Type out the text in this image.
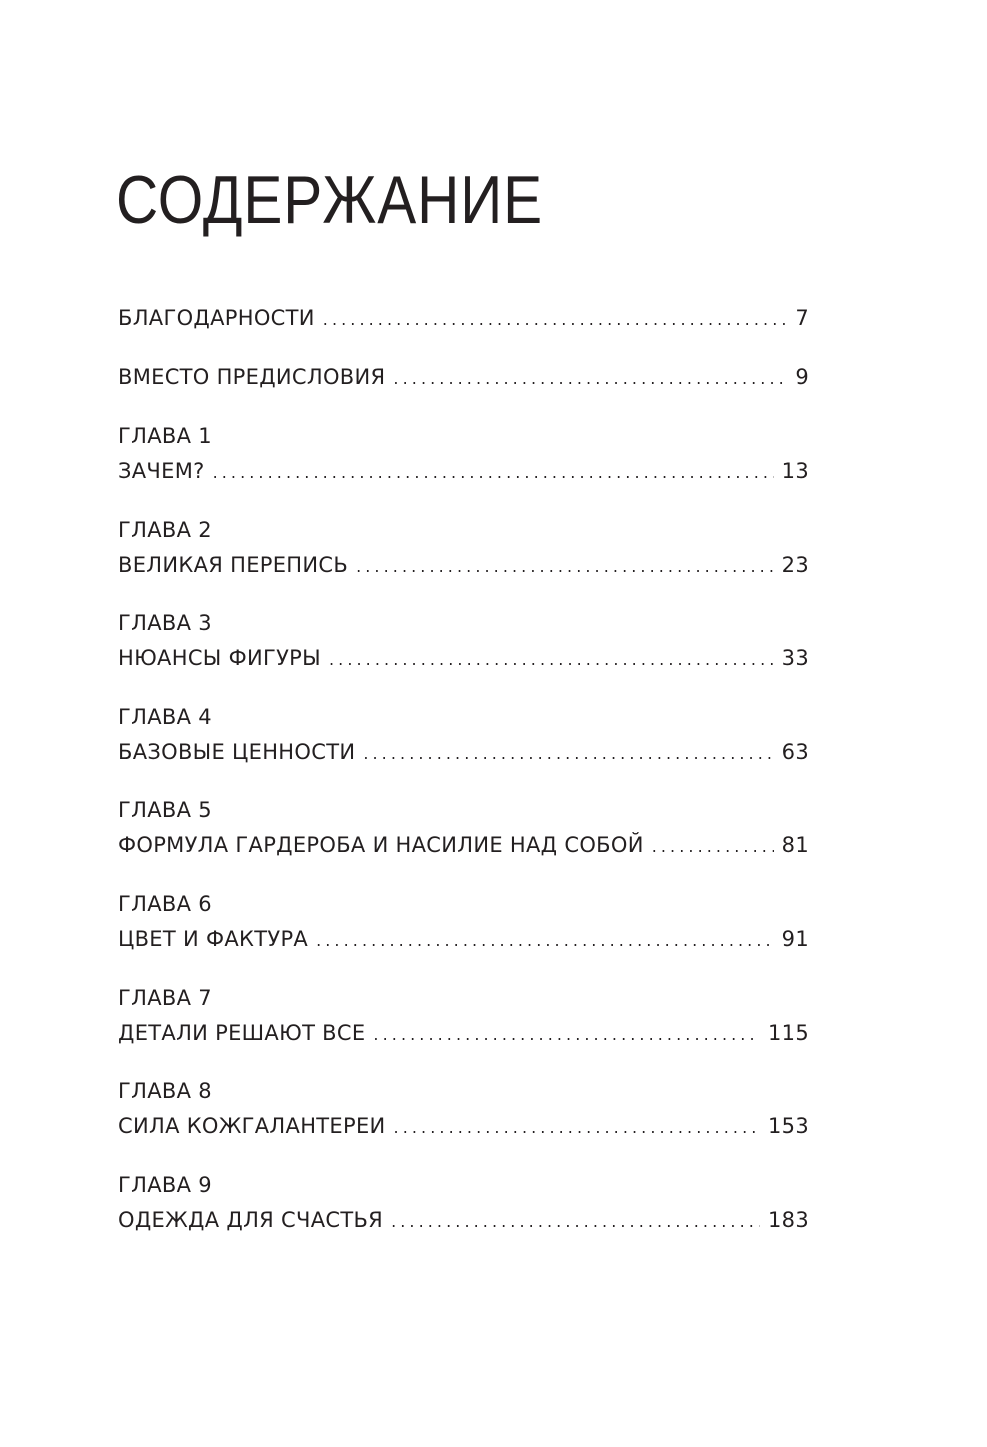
СОДЕРЖАНИЕ
БЛАГОДАРНОСТИ . . .	7
ВМЕСТО ПРЕДИСЛОВИЯ . . .	9
ГЛАВА 1
ЗАЧЕМ? . . .	13
ГЛАВА 2
ВЕЛИКАЯ ПЕРЕПИСЬ . . .	23
ГЛАВА 3
НЮАНСЫ ФИГУРЫ . . .	33
ГЛАВА 4
БАЗОВЫЕ ЦЕННОСТИ . . .	63
ГЛАВА 5
ФОРМУЛА ГАРДЕРОБА И НАСИЛИЕ НАД СОБОЙ . . .	81
ГЛАВА 6
ЦВЕТ И ФАКТУРА . . .	91
ГЛАВА 7
ДЕТАЛИ РЕШАЮТ ВСЕ . . .	115
ГЛАВА 8
СИЛА КОЖГАЛАНТЕРЕИ . . .	153
ГЛАВА 9
ОДЕЖДА ДЛЯ СЧАСТЬЯ . . .	183
